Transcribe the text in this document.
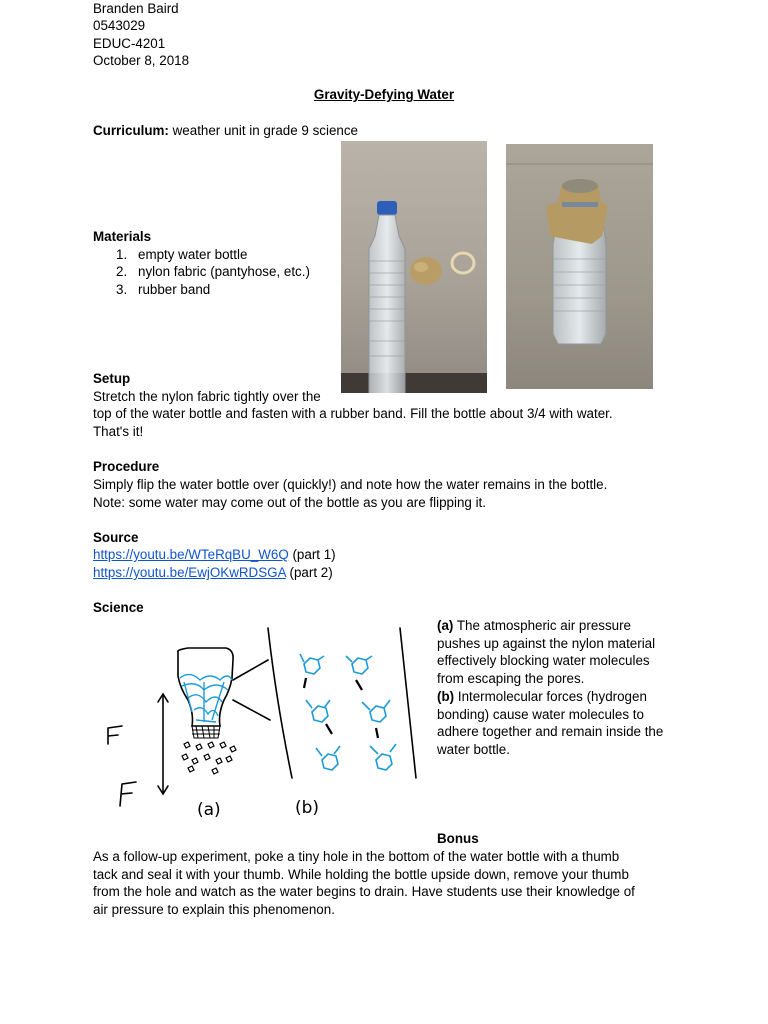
Branden Baird
0543029
EDUC-4201
October 8, 2018
Gravity-Defying Water
Curriculum: weather unit in grade 9 science
Materials
1. empty water bottle
2. nylon fabric (pantyhose, etc.)
3. rubber band
Setup
Stretch the nylon fabric tightly over the
top of the water bottle and fasten with a rubber band. Fill the bottle about 3/4 with water.
That's it!
Procedure
Simply flip the water bottle over (quickly!) and note how the water remains in the bottle.
Note: some water may come out of the bottle as you are flipping it.
Source
https://youtu.be/WTeRqBU_W6Q (part 1)
https://youtu.be/EwjOKwRDSGA (part 2)
Science
(b)
(a)
(a) The atmospheric air pressure pushes up against the nylon material effectively blocking water molecules from escaping the pores.
(b) Intermolecular forces (hydrogen bonding) cause water molecules to adhere together and remain inside the water bottle.
Bonus
As a follow-up experiment, poke a tiny hole in the bottom of the water bottle with a thumb
tack and seal it with your thumb. While holding the bottle upside down, remove your thumb
from the hole and watch as the water begins to drain. Have students use their knowledge of
air pressure to explain this phenomenon.
